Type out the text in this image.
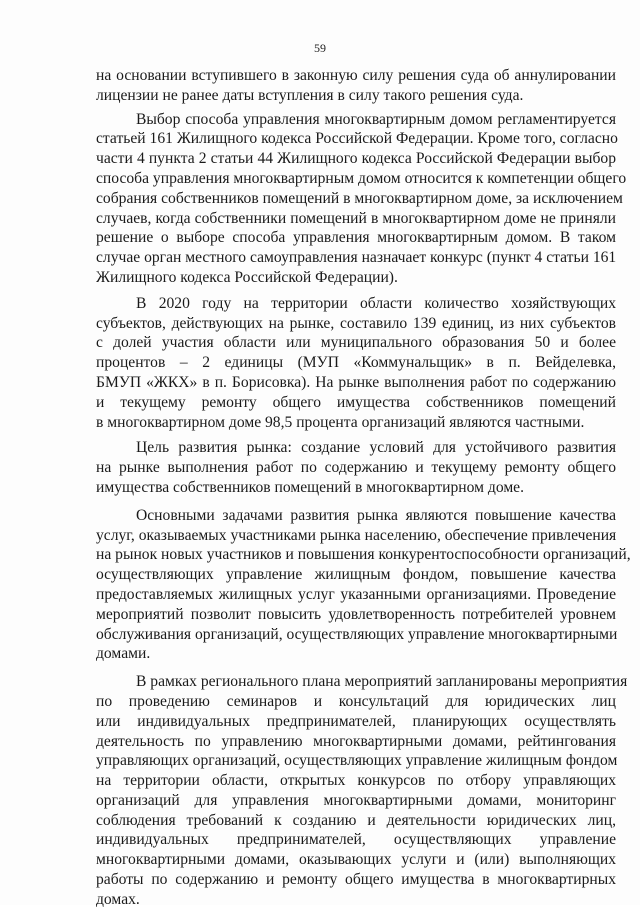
59
на основании вступившего в законную силу решения суда об аннулировании
лицензии не ранее даты вступления в силу такого решения суда.
Выбор способа управления многоквартирным домом регламентируется
статьей 161 Жилищного кодекса Российской Федерации. Кроме того, согласно
части 4 пункта 2 статьи 44 Жилищного кодекса Российской Федерации выбор
способа управления многоквартирным домом относится к компетенции общего
собрания собственников помещений в многоквартирном доме, за исключением
случаев, когда собственники помещений в многоквартирном доме не приняли
решение о выборе способа управления многоквартирным домом. В таком
случае орган местного самоуправления назначает конкурс (пункт 4 статьи 161
Жилищного кодекса Российской Федерации).
В 2020 году на территории области количество хозяйствующих
субъектов, действующих на рынке, составило 139 единиц, из них субъектов
с долей участия области или муниципального образования 50 и более
процентов – 2 единицы (МУП «Коммунальщик» в п. Вейделевка,
БМУП «ЖКХ» в п. Борисовка). На рынке выполнения работ по содержанию
и текущему ремонту общего имущества собственников помещений
в многоквартирном доме 98,5 процента организаций являются частными.
Цель развития рынка: создание условий для устойчивого развития
на рынке выполнения работ по содержанию и текущему ремонту общего
имущества собственников помещений в многоквартирном доме.
Основными задачами развития рынка являются повышение качества
услуг, оказываемых участниками рынка населению, обеспечение привлечения
на рынок новых участников и повышения конкурентоспособности организаций,
осуществляющих управление жилищным фондом, повышение качества
предоставляемых жилищных услуг указанными организациями. Проведение
мероприятий позволит повысить удовлетворенность потребителей уровнем
обслуживания организаций, осуществляющих управление многоквартирными
домами.
В рамках регионального плана мероприятий запланированы мероприятия
по проведению семинаров и консультаций для юридических лиц
или индивидуальных предпринимателей, планирующих осуществлять
деятельность по управлению многоквартирными домами, рейтингования
управляющих организаций, осуществляющих управление жилищным фондом
на территории области, открытых конкурсов по отбору управляющих
организаций для управления многоквартирными домами, мониторинг
соблюдения требований к созданию и деятельности юридических лиц,
индивидуальных предпринимателей, осуществляющих управление
многоквартирными домами, оказывающих услуги и (или) выполняющих
работы по содержанию и ремонту общего имущества в многоквартирных
домах.
